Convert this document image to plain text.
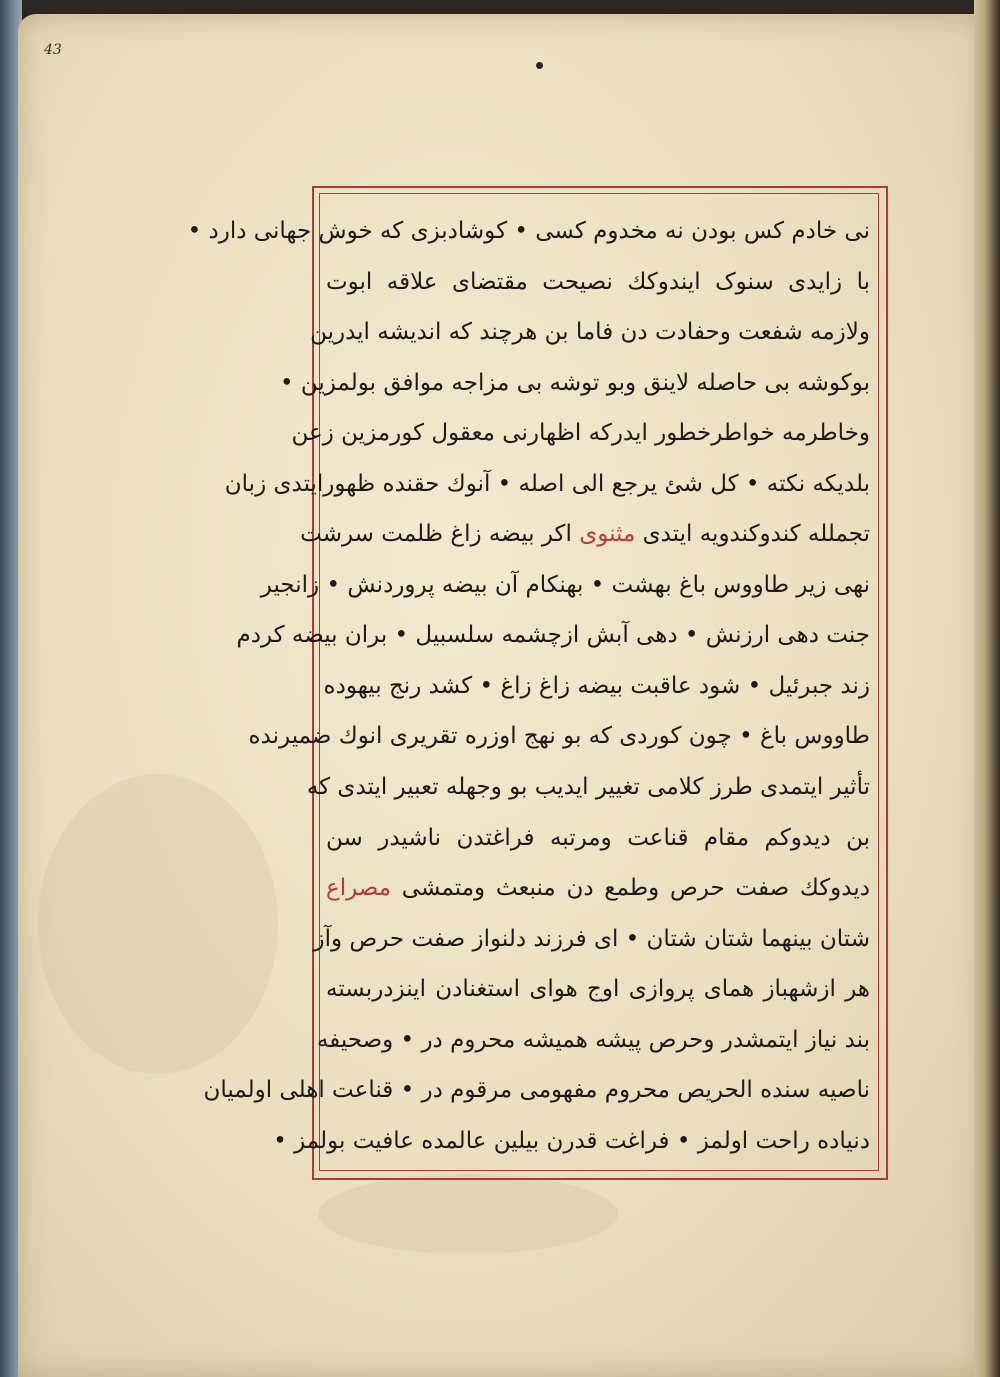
43
نی خادم کس بودن نه مخدوم کسی • کوشادبزی که خوش جهانی دارد •
با زایدی سنوک ایندوکك نصیحت مقتضای علاقه ابوت
ولازمه شفعت وحفادت دن فاما بن هرچند که اندیشه ایدرین
بوکوشه بی حاصله لاینق وبو توشه بی مزاجه موافق بولمزین •
وخاطرمه خواطرخطور ایدرکه اظهارنی معقول کورمزین زعن
بلدیکه نکته • کل شئ یرجع الی اصله • آنوك حقنده ظهورایتدی زبان
تجملله کندوکندویه ایتدی مثنوی اکر بیضه زاغ ظلمت سرشت
نهی زیر طاووس باغ بهشت • بهنکام آن بیضه پروردنش • زانجیر
جنت دهی ارزنش • دهی آبش ازچشمه سلسبیل • بران بیضه کردم
زند جبرئیل • شود عاقبت بیضه زاغ زاغ • کشد رنج بیهوده
طاووس باغ • چون کوردی که بو نهج اوزره تقریری انوك ضمیرنده
تأثیر ایتمدی طرز کلامی تغییر ایدیب بو وجهله تعبیر ایتدی که
بن دیدوکم مقام قناعت ومرتبه فراغتدن ناشیدر سن
دیدوکك صفت حرص وطمع دن منبعث ومتمشی مصراع
شتان بینهما شتان شتان • ای فرزند دلنواز صفت حرص وآز
هر ازشهباز همای پروازی اوج هوای استغنادن اینزدربسته
بند نیاز ایتمشدر وحرص پیشه همیشه محروم در • وصحیفه
ناصیه سنده الحریص محروم مفهومی مرقوم در • قناعت اهلی اولمیان
دنیاده راحت اولمز • فراغت قدرن بیلین عالمده عافیت بولمز •
